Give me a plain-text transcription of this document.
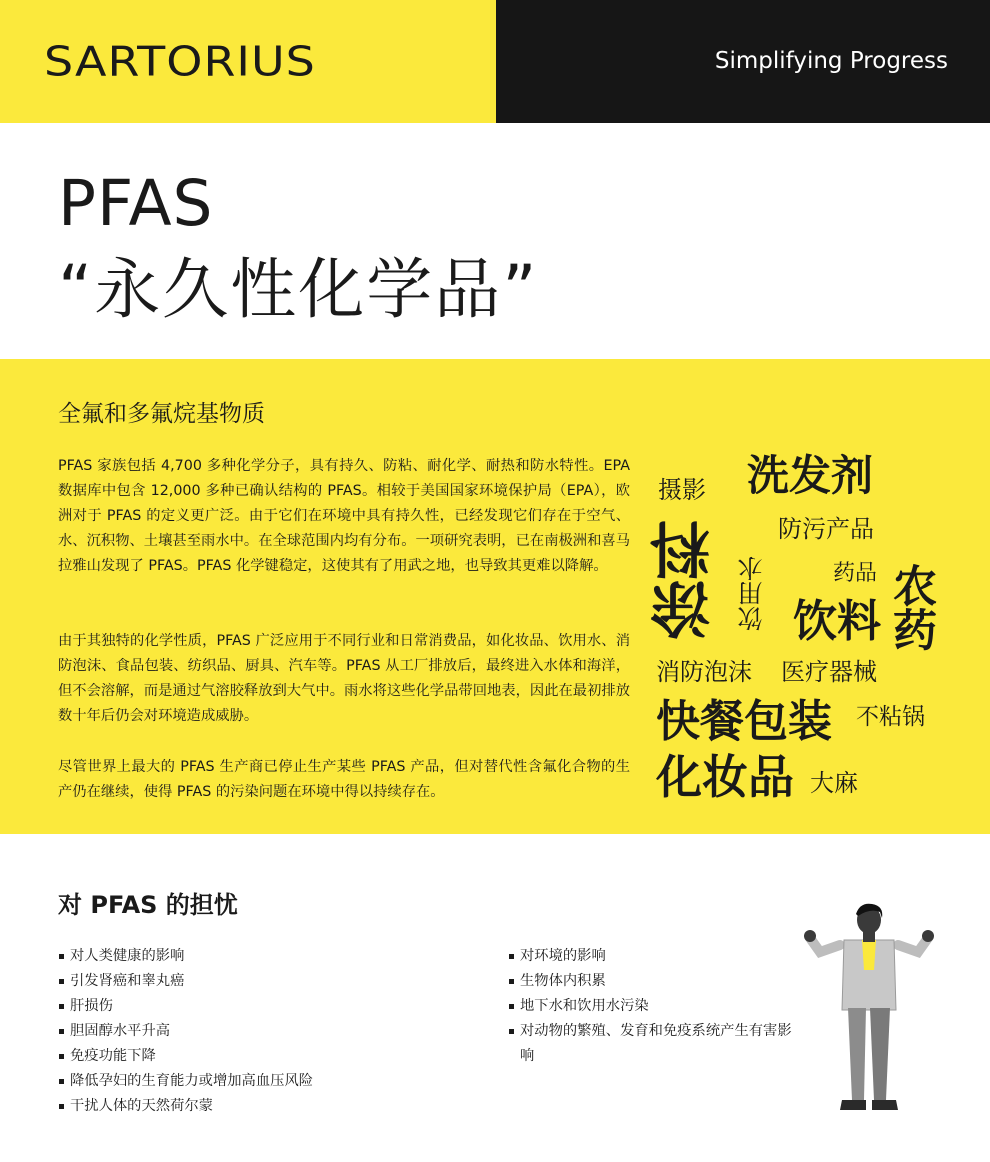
SARTORIUS	Simplifying Progress
PFAS
“永久性化学品”
全氟和多氟烷基物质

PFAS 家族包括 4,700 多种化学分子，具有持久、防粘、耐化学、耐热和防水特性。EPA 数据库中包含 12,000 多种已确认结构的 PFAS。相较于美国国家环境保护局（EPA），欧洲对于 PFAS 的定义更广泛。由于它们在环境中具有持久性，已经发现它们存在于空气、水、沉积物、土壤甚至雨水中。在全球范围内均有分布。一项研究表明，已在南极洲和喜马拉雅山发现了 PFAS。PFAS 化学键稳定，这使其有了用武之地，也导致其更难以降解。

由于其独特的化学性质，PFAS 广泛应用于不同行业和日常消费品，如化妆品、饮用水、消防泡沫、食品包装、纺织品、厨具、汽车等。PFAS 从工厂排放后，最终进入水体和海洋，但不会溶解，而是通过气溶胶释放到大气中。雨水将这些化学品带回地表，因此在最初排放数十年后仍会对环境造成威胁。

尽管世界上最大的 PFAS 生产商已停止生产某些 PFAS 产品，但对替代性含氟化合物的生产仍在继续，使得 PFAS 的污染问题在环境中得以持续存在。

摄影 洗发剂
防污产品
涂料 饮用水	药品 农药
饮料
消防泡沫 医疗器械
快餐包装 不粘锅
化妆品 大麻
对 PFAS 的担忧
对人类健康的影响
引发肾癌和睾丸癌
肝损伤
胆固醇水平升高
免疫功能下降
降低孕妇的生育能力或增加高血压风险
干扰人体的天然荷尔蒙
对环境的影响
生物体内积累
地下水和饮用水污染
对动物的繁殖、发育和免疫系统产生有害影响
